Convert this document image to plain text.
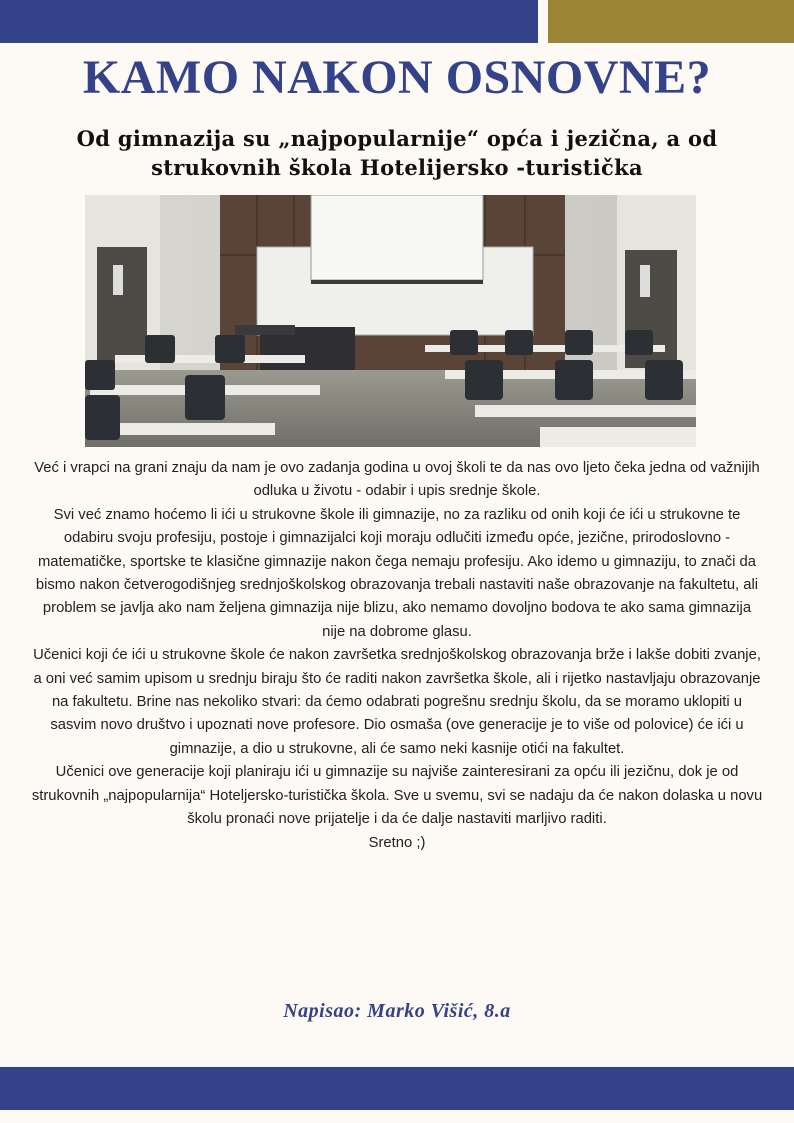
KAMO NAKON OSNOVNE?
Od gimnazija su „najpopularnije“ opća i jezična, a od strukovnih škola Hotelijersko -turistička

Već i vrapci na grani znaju da nam je ovo zadanja godina u ovoj školi te da nas ovo ljeto čeka jedna od važnijih odluka u životu - odabir i upis srednje škole.

Svi već znamo hoćemo li ići u strukovne škole ili gimnazije, no za razliku od onih koji će ići u strukovne te odabiru svoju profesiju, postoje i gimnazijalci koji moraju odlučiti između opće, jezične, prirodoslovno -matematičke, sportske te klasične gimnazije nakon čega nemaju profesiju. Ako idemo u gimnaziju, to znači da bismo nakon četverogodišnjeg srednjoškolskog obrazovanja trebali nastaviti naše obrazovanje na fakultetu, ali problem se javlja ako nam željena gimnazija nije blizu, ako nemamo dovoljno bodova te ako sama gimnazija nije na dobrome glasu.

Učenici koji će ići u strukovne škole će nakon završetka srednjoškolskog obrazovanja brže i lakše dobiti zvanje, a oni već samim upisom u srednju biraju što će raditi nakon završetka škole, ali i rijetko nastavljaju obrazovanje na fakultetu. Brine nas nekoliko stvari: da ćemo odabrati pogrešnu srednju školu, da se moramo uklopiti u sasvim novo društvo i upoznati nove profesore. Dio osmaša (ove generacije je to više od polovice) će ići u gimnazije, a dio u strukovne, ali će samo neki kasnije otići na fakultet.

Učenici ove generacije koji planiraju ići u gimnazije su najviše zainteresirani za opću ili jezičnu, dok je od strukovnih „najpopularnija“ Hoteljersko-turistička škola. Sve u svemu, svi se nadaju da će nakon dolaska u novu školu pronaći nove prijatelje i da će dalje nastaviti marljivo raditi.

Sretno ;)

Napisao: Marko Višić, 8.a
